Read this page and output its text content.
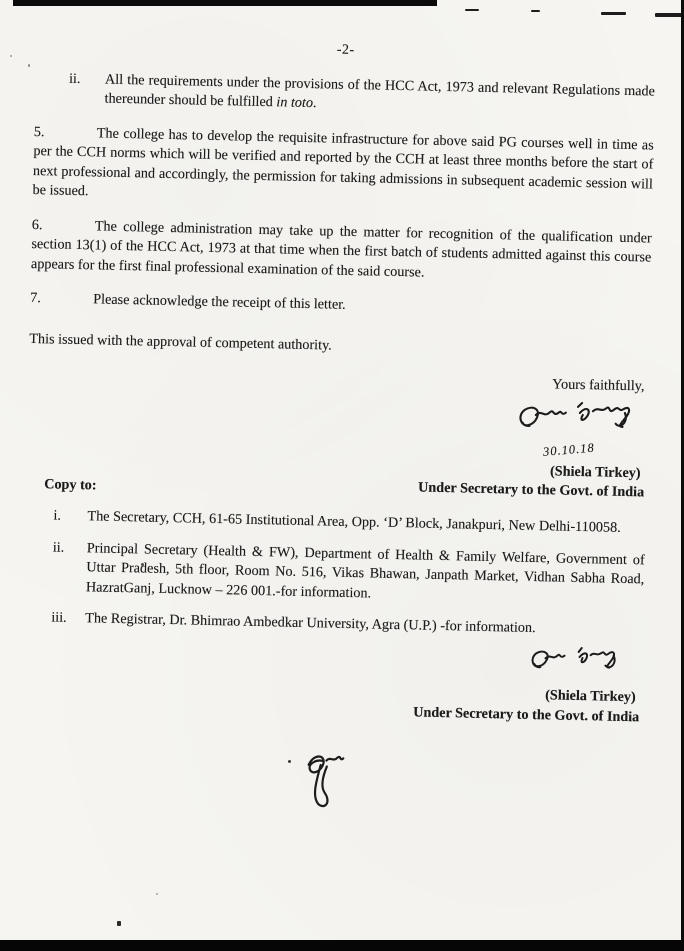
-2-
ii. All the requirements under the provisions of the HCC Act, 1973 and relevant Regulations made thereunder should be fulfilled in toto.
5.	The college has to develop the requisite infrastructure for above said PG courses well in time as per the CCH norms which will be verified and reported by the CCH at least three months before the start of next professional and accordingly, the permission for taking admissions in subsequent academic session will be issued.
6.	The college administration may take up the matter for recognition of the qualification under section 13(1) of the HCC Act, 1973 at that time when the first batch of students admitted against this course appears for the first final professional examination of the said course.
7.	Please acknowledge the receipt of this letter.
This issued with the approval of competent authority.
Yours faithfully,
30.10.18
(Shiela Tirkey)
Under Secretary to the Govt. of India
Copy to:
i. The Secretary, CCH, 61-65 Institutional Area, Opp. ‘D’ Block, Janakpuri, New Delhi-110058.
ii. Principal Secretary (Health & FW), Department of Health & Family Welfare, Government of Uttar Pradesh, 5th floor, Room No. 516, Vikas Bhawan, Janpath Market, Vidhan Sabha Road, HazratGanj, Lucknow – 226 001.-for information.
iii. The Registrar, Dr. Bhimrao Ambedkar University, Agra (U.P.) -for information.
(Shiela Tirkey)
Under Secretary to the Govt. of India
